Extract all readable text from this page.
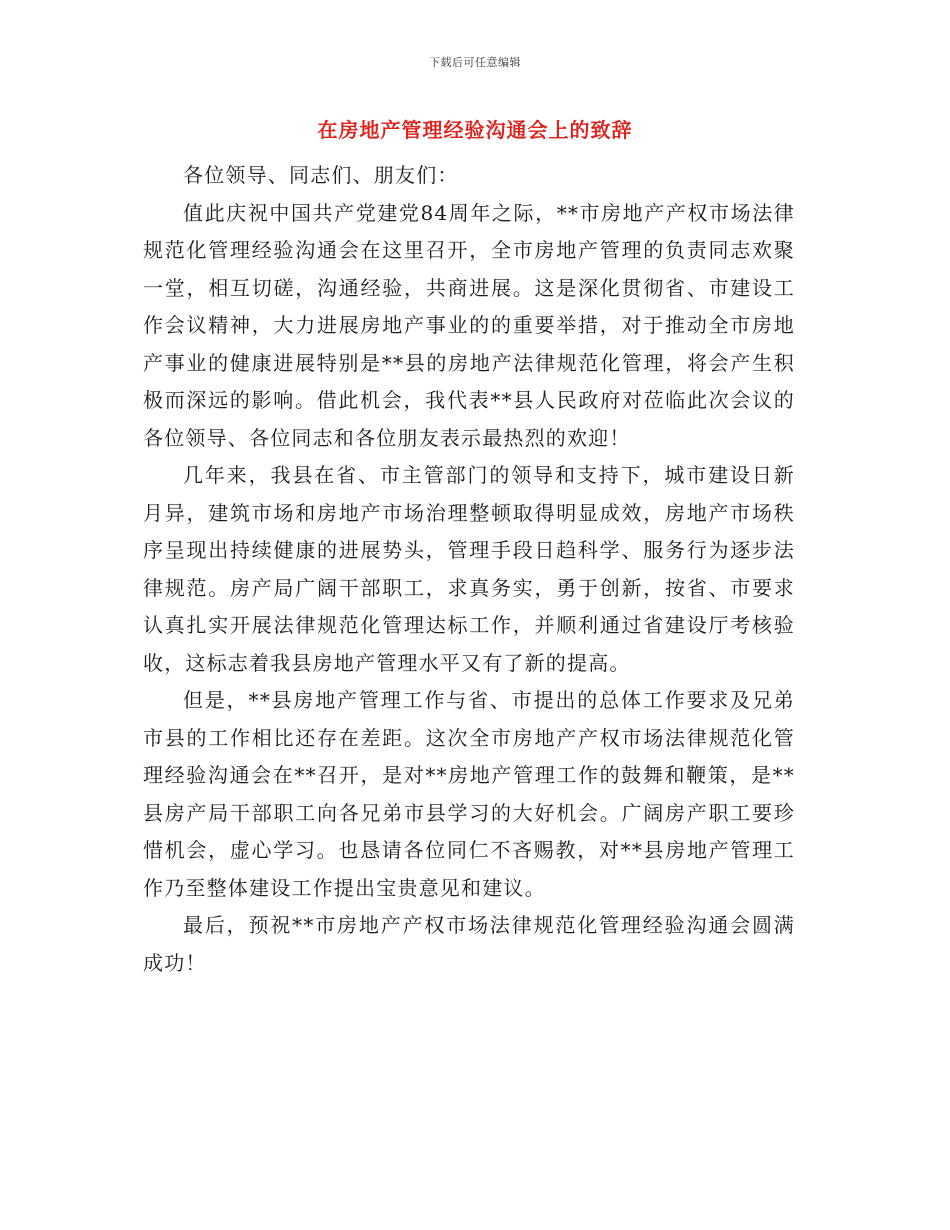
下载后可任意编辑
在房地产管理经验沟通会上的致辞

各位领导、同志们、朋友们：

值此庆祝中国共产党建党84周年之际，**市房地产产权市场法律规范化管理经验沟通会在这里召开，全市房地产管理的负责同志欢聚一堂，相互切磋，沟通经验，共商进展。这是深化贯彻省、市建设工作会议精神，大力进展房地产事业的的重要举措，对于推动全市房地产事业的健康进展特别是**县的房地产法律规范化管理，将会产生积极而深远的影响。借此机会，我代表**县人民政府对莅临此次会议的各位领导、各位同志和各位朋友表示最热烈的欢迎！

几年来，我县在省、市主管部门的领导和支持下，城市建设日新月异，建筑市场和房地产市场治理整顿取得明显成效，房地产市场秩序呈现出持续健康的进展势头，管理手段日趋科学、服务行为逐步法律规范。房产局广阔干部职工，求真务实，勇于创新，按省、市要求认真扎实开展法律规范化管理达标工作，并顺利通过省建设厅考核验收，这标志着我县房地产管理水平又有了新的提高。

但是，**县房地产管理工作与省、市提出的总体工作要求及兄弟市县的工作相比还存在差距。这次全市房地产产权市场法律规范化管理经验沟通会在**召开，是对**房地产管理工作的鼓舞和鞭策，是**县房产局干部职工向各兄弟市县学习的大好机会。广阔房产职工要珍惜机会，虚心学习。也恳请各位同仁不吝赐教，对**县房地产管理工作乃至整体建设工作提出宝贵意见和建议。

最后，预祝**市房地产产权市场法律规范化管理经验沟通会圆满成功！
